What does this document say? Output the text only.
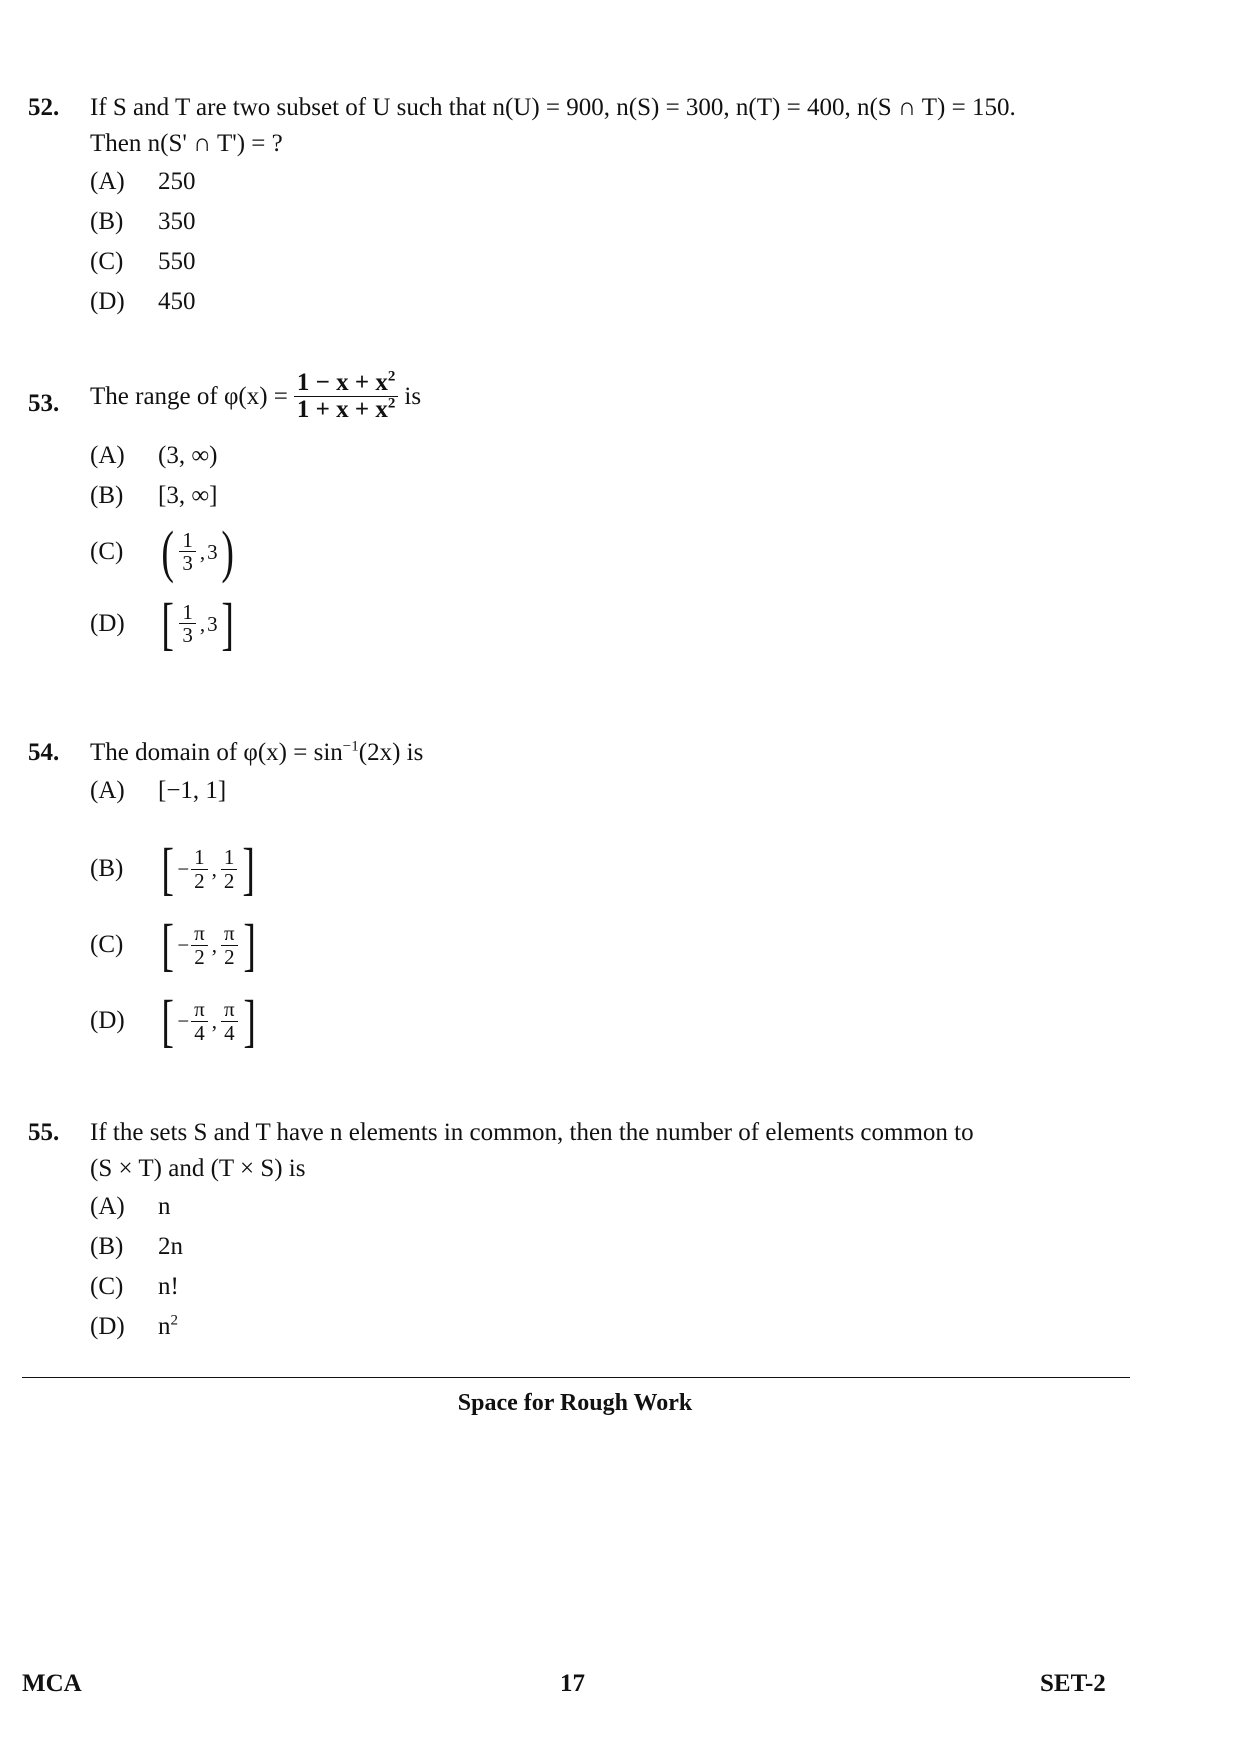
52. If S and T are two subset of U such that n(U) = 900, n(S) = 300, n(T) = 400, n(S ∩ T) = 150.
Then n(S' ∩ T') = ?
(A)	250
(B)	350
(C)	550
(D)	450
53. The range of $\varphi(x) = \frac{1 - x + x^2}{1 + x + x^2}$ is
(A)	(3, ∞)
(B)	[3, ∞]
(C) ( $\frac{1}{3}$ , 3 )
(D) [ $\frac{1}{3}$ , 3 ]
54. The domain of $\varphi(x) = \sin^{-1}(2x)$ is
(A)	[−1, 1]
(B) [ − $\frac{1}{2}$ , $\frac{1}{2}$ ]
(C) [ − $\frac{\pi}{2}$ , $\frac{\pi}{2}$ ]
(D) [ − $\frac{\pi}{4}$ , $\frac{\pi}{4}$ ]
55. If the sets S and T have n elements in common, then the number of elements common to
(S × T) and (T × S) is
(A)	n
(B)	2n
(C)	n!
(D)	$n^2$
Space for Rough Work
MCA	17	SET-2
